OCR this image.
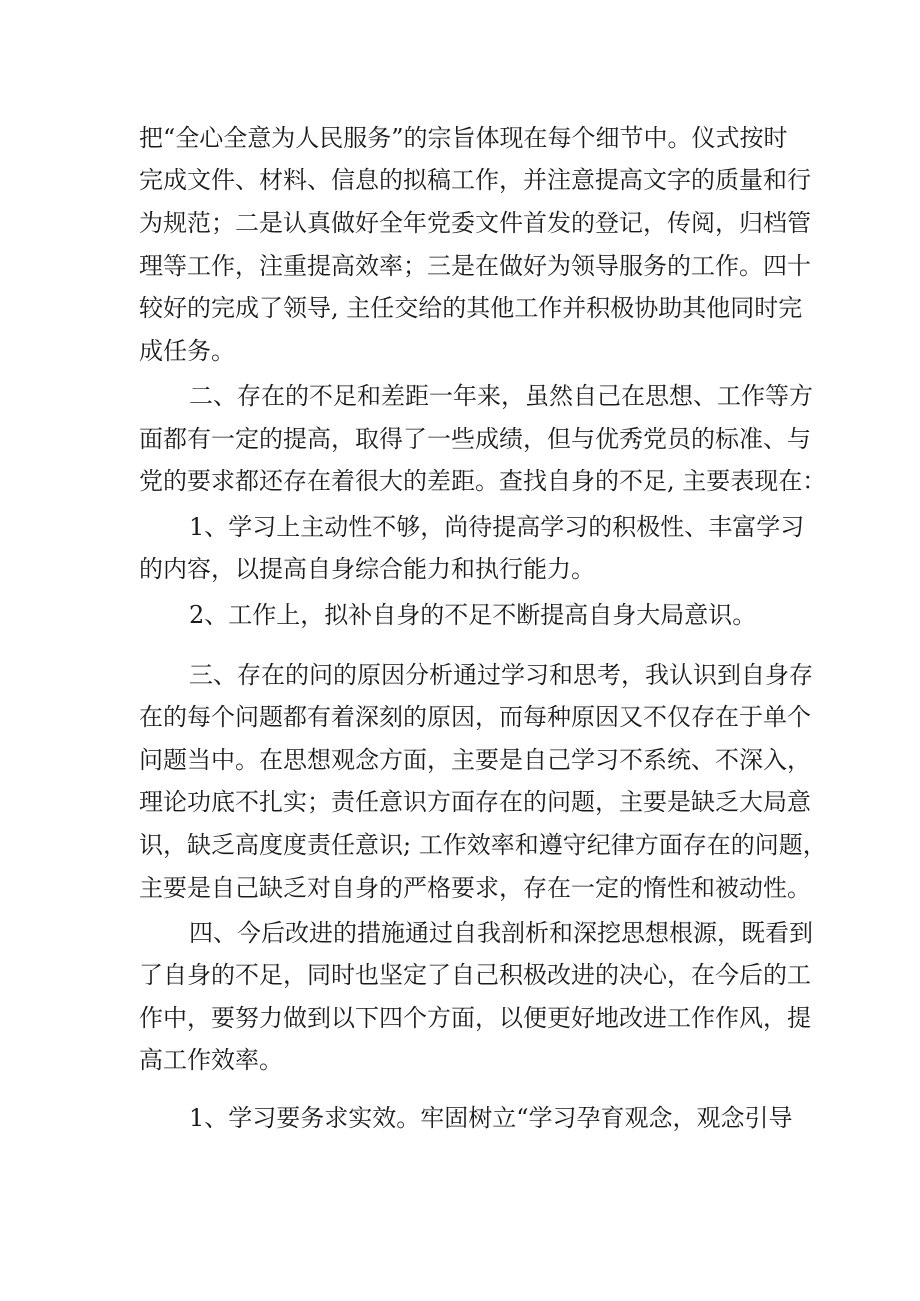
把“全心全意为人民服务”的宗旨体现在每个细节中。仪式按时
完成文件、材料、信息的拟稿工作，并注意提高文字的质量和行
为规范；二是认真做好全年党委文件首发的登记，传阅，归档管
理等工作，注重提高效率；三是在做好为领导服务的工作。四十
较好的完成了领导, 主任交给的其他工作并积极协助其他同时完
成任务。
二、存在的不足和差距一年来，虽然自己在思想、工作等方
面都有一定的提高，取得了一些成绩，但与优秀党员的标准、与
党的要求都还存在着很大的差距。查找自身的不足, 主要表现在：
1、学习上主动性不够，尚待提高学习的积极性、丰富学习
的内容，以提高自身综合能力和执行能力。
2、工作上，拟补自身的不足不断提高自身大局意识。
三、存在的问的原因分析通过学习和思考，我认识到自身存
在的每个问题都有着深刻的原因，而每种原因又不仅存在于单个
问题当中。在思想观念方面，主要是自己学习不系统、不深入，
理论功底不扎实；责任意识方面存在的问题，主要是缺乏大局意
识，缺乏高度度责任意识; 工作效率和遵守纪律方面存在的问题，
主要是自己缺乏对自身的严格要求，存在一定的惰性和被动性。
四、今后改进的措施通过自我剖析和深挖思想根源，既看到
了自身的不足，同时也坚定了自己积极改进的决心，在今后的工
作中，要努力做到以下四个方面，以便更好地改进工作作风，提
高工作效率。
1、学习要务求实效。牢固树立“学习孕育观念，观念引导
